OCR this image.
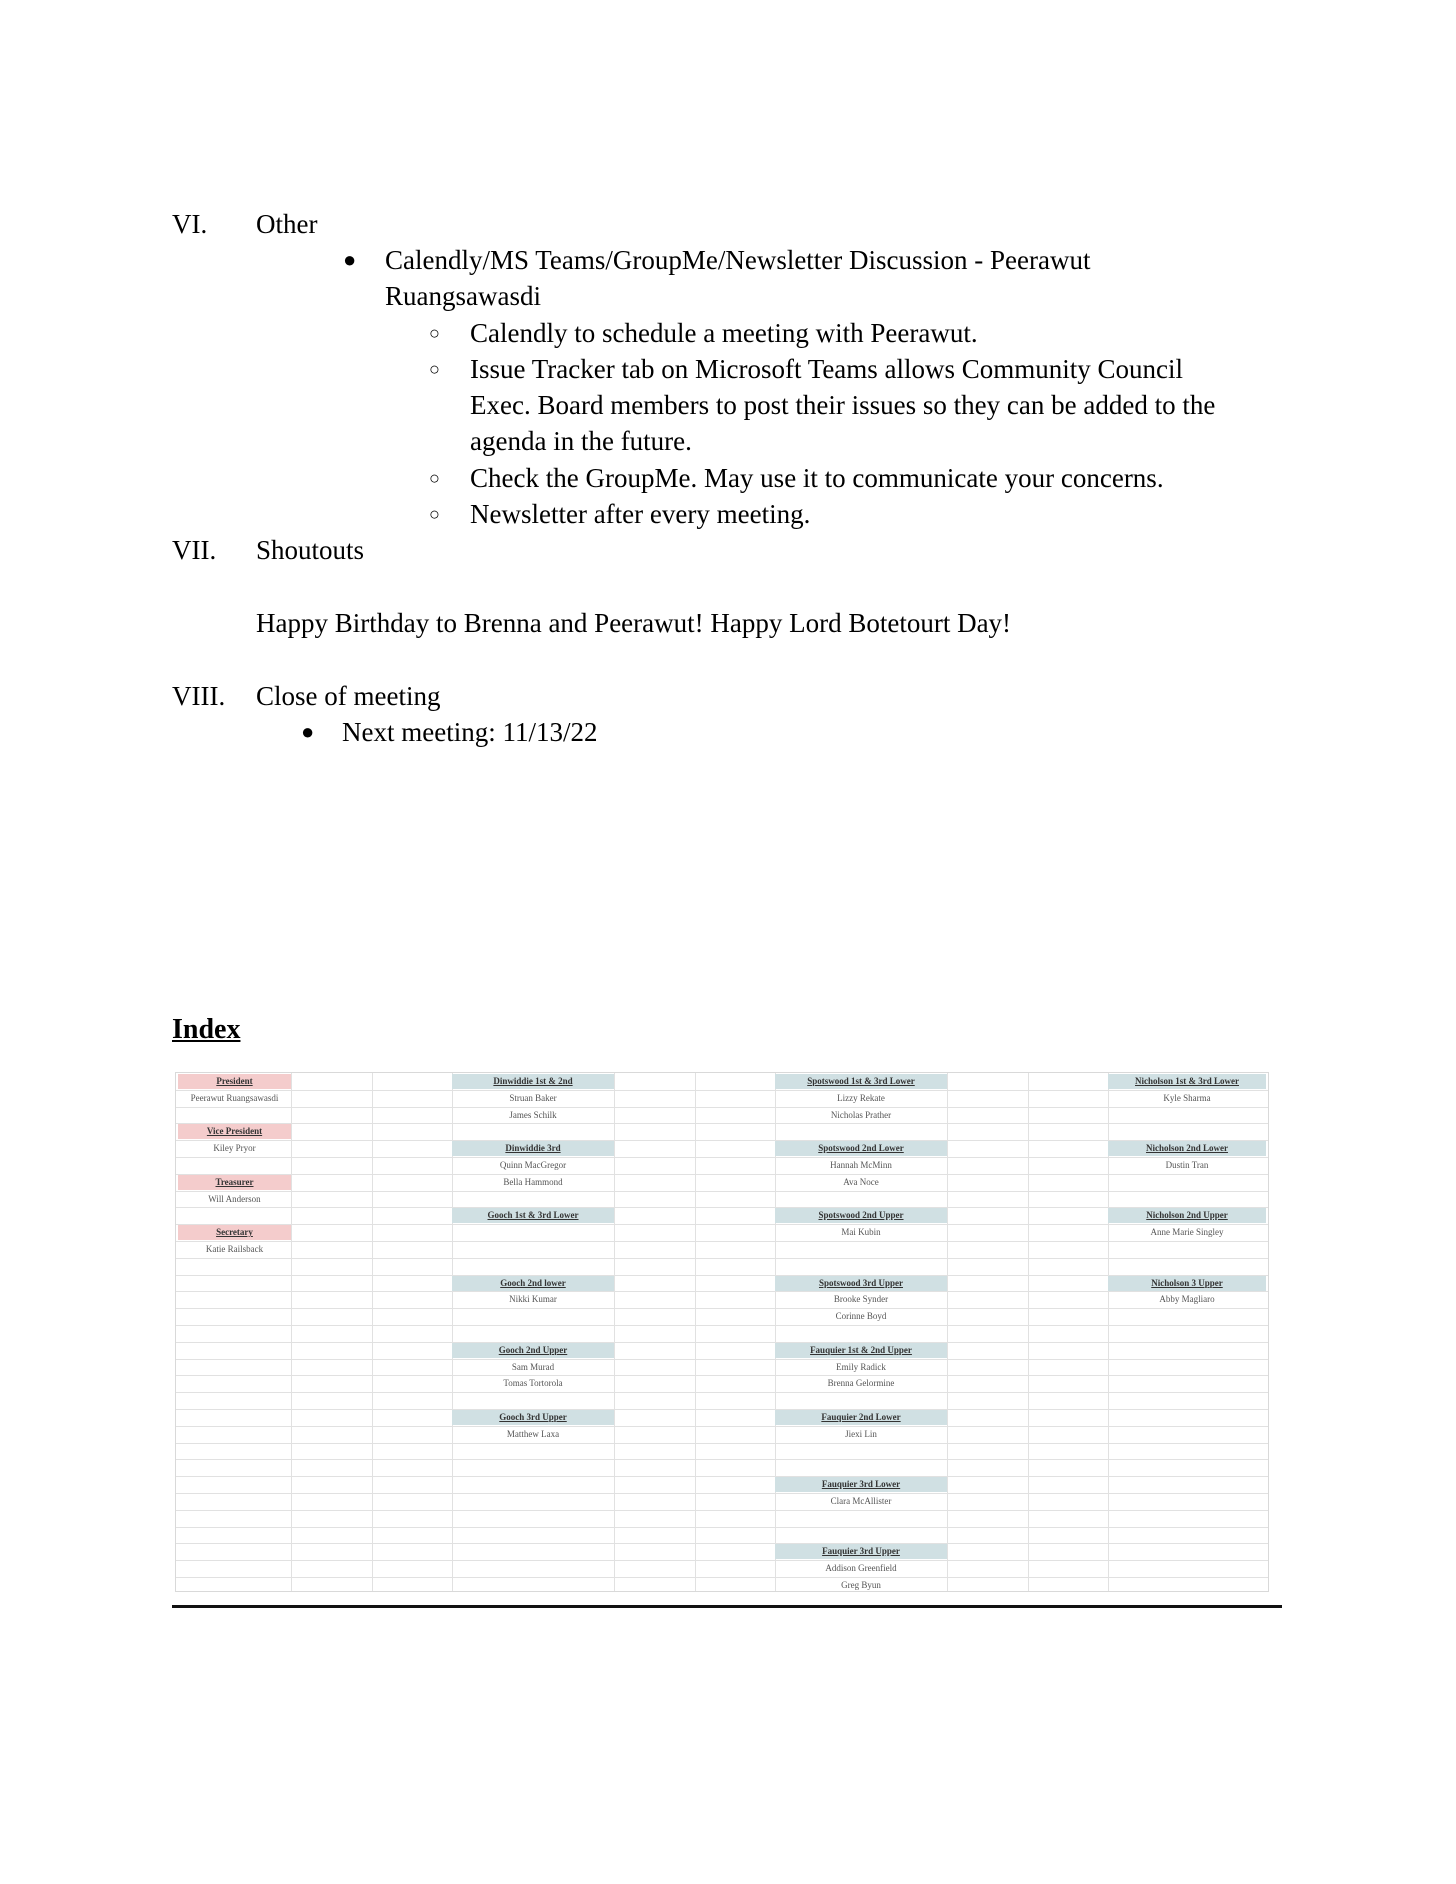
VI. Other
● Calendly/MS Teams/GroupMe/Newsletter Discussion - Peerawut
Ruangsawasdi
○ Calendly to schedule a meeting with Peerawut.
○ Issue Tracker tab on Microsoft Teams allows Community Council
Exec. Board members to post their issues so they can be added to the
agenda in the future.
○ Check the GroupMe. May use it to communicate your concerns.
○ Newsletter after every meeting.
VII. Shoutouts
Happy Birthday to Brenna and Peerawut! Happy Lord Botetourt Day!
VIII. Close of meeting
● Next meeting: 11/13/22
Index
President
Peerawut Ruangsawasdi
Vice President
Kiley Pryor
Treasurer
Will Anderson
Secretary
Katie Railsback
Dinwiddie 1st & 2nd
Struan Baker
James Schilk
Dinwiddie 3rd
Quinn MacGregor
Bella Hammond
Gooch 1st & 3rd Lower
Gooch 2nd lower
Nikki Kumar
Gooch 2nd Upper
Sam Murad
Tomas Tortorola
Gooch 3rd Upper
Matthew Laxa
Spotswood 1st & 3rd Lower
Lizzy Rekate
Nicholas Prather
Spotswood 2nd Lower
Hannah McMinn
Ava Noce
Spotswood 2nd Upper
Mai Kubin
Spotswood 3rd Upper
Brooke Synder
Corinne Boyd
Fauquier 1st & 2nd Upper
Emily Radick
Brenna Gelormine
Fauquier 2nd Lower
Jiexi Lin
Fauquier 3rd Lower
Clara McAllister
Fauquier 3rd Upper
Addison Greenfield
Greg Byun
Nicholson 1st & 3rd Lower
Kyle Sharma
Nicholson 2nd Lower
Dustin Tran
Nicholson 2nd Upper
Anne Marie Singley
Nicholson 3 Upper
Abby Magliaro
